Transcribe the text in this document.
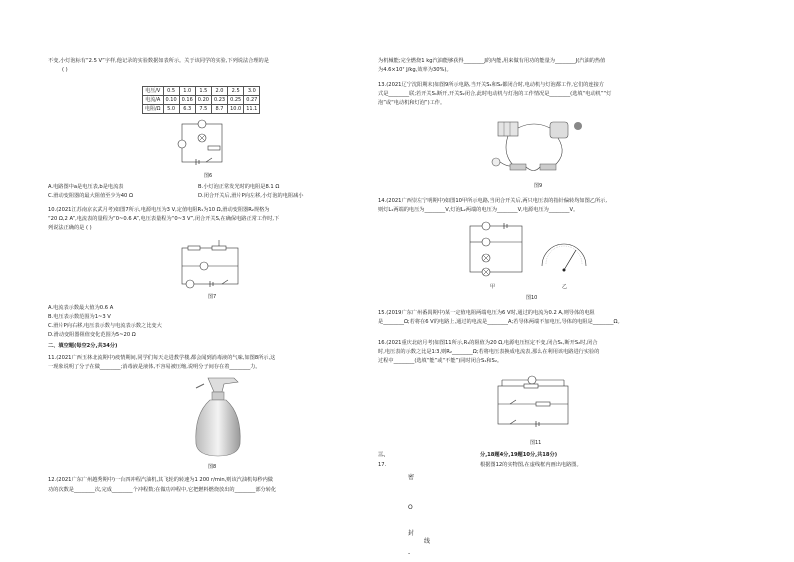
不变,小灯泡标有“2.5 V”字样,他记录的实验数据如表所示。关于该同学的实验,下列说法合理的是
( )
电压/V	0.5	1.0	1.5	2.0	2.5	3.0
电流/A	0.10	0.16	0.20	0.23	0.25	0.27
电阻/Ω	5.0	6.3	7.5	8.7	10.0	11.1
图6
A.电路图中a是电压表,b是电流表	B.小灯泡正常发光时的电阻是8.1 Ω
C.滑动变阻器的最大阻值至少为40 Ω	D.闭合开关后,滑片P向左移,小灯泡的电阻减小
10.(2021江苏南京玄武月考)如图7所示,电源电压为3 V,定值电阻R₁为10 Ω,滑动变阻器R₂规格为
“20 Ω,2 A”,电流表的量程为“0~0.6 A”,电压表量程为“0~3 V”,闭合开关S,在确保电路正常工作时,下
列说法正确的是 ( )
图7
A.电流表示数最大值为0.6 A
B.电压表示数范围为1~3 V
C.滑片P向右移,电压表示数与电流表示数之比变大
D.滑动变阻器阻值变化范围为5~20 Ω
二、填空题(每空2分,共34分)
11.(2021广西玉林北流期中)疫情期间,同学们每天走进教学楼,都会闻到消毒液的气味,如图8所示,这
一现象说明了分子在做________;消毒液是液体,不容易被压缩,说明分子间存在着________力。
图8
12.(2021广东广州越秀期中)一台四冲程汽油机,其飞轮的转速为1 200 r/min,则该汽油机每秒内做
功的次数是________次,完成________个冲程数;在做功冲程中,它把燃料燃烧放出的________部分转化
为机械能;完全燃烧1 kg汽油能够获得________J的内能,用来做有用功的能量为________J(汽油的热值
为4.6×10⁷ J/kg,效率为30%)。
13.(2021辽宁沈阳期末)如图9所示电路,当开关S₁和S₂都闭合时,电动机与灯泡都工作,它们的连接方
式是________联;若开关S₁断开,开关S₂闭合,此时电动机与灯泡的工作情况是________(选填“电动机”“灯
泡”或“电动机和灯泡”)工作。
图9
14.(2021广西崇左宁明期中)如图10甲所示电路,当闭合开关后,两只电压表的指针偏转均如图乙所示,
则灯L₁两端的电压为________V,灯泡L₂两端的电压为________V,电源电压为________V。
甲	乙
图10
15.(2019广东广州番禺期中)某一定值电阻两端电压为6 V时,通过的电流为0.2 A,则导体的电阻
是________Ω;若将在6 V的电路上,通过的电流是________A;若导体两端不加电压,导体的电阻是________Ω。
16.(2021重庆北碚月考)如图11所示,R₁的阻值为20 Ω,电源电压恒定不变,闭合S₁,断开S₂时,闭合
时,电压表的示数之比是1∶3,则R₂________Ω;若将电压表换成电流表,那么在利用该电路进行实验的
过程中________(选填“能”或“不能”)同时闭合S₁和S₂。
图11
三、	分,18题4分,19题10分,共18分)
17.	根据图12的实物图,在虚线框内画出电路图。
密
O
封
线
-
